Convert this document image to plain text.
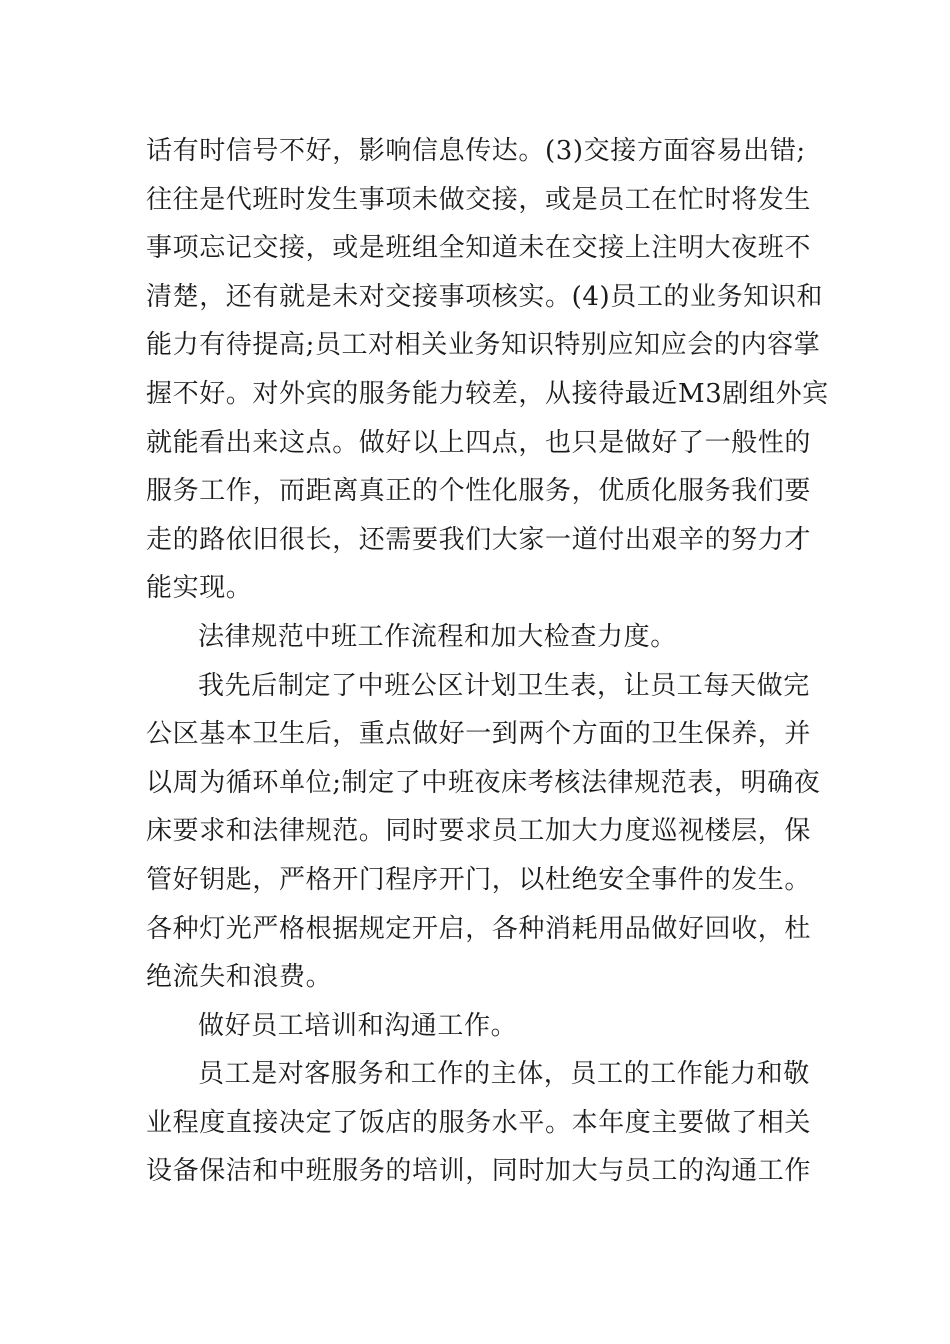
话有时信号不好，影响信息传达。(3)交接方面容易出错;
往往是代班时发生事项未做交接，或是员工在忙时将发生
事项忘记交接，或是班组全知道未在交接上注明大夜班不
清楚，还有就是未对交接事项核实。(4)员工的业务知识和
能力有待提高;员工对相关业务知识特别应知应会的内容掌
握不好。对外宾的服务能力较差，从接待最近M3剧组外宾
就能看出来这点。做好以上四点，也只是做好了一般性的
服务工作，而距离真正的个性化服务，优质化服务我们要
走的路依旧很长，还需要我们大家一道付出艰辛的努力才
能实现。
法律规范中班工作流程和加大检查力度。
我先后制定了中班公区计划卫生表，让员工每天做完
公区基本卫生后，重点做好一到两个方面的卫生保养，并
以周为循环单位;制定了中班夜床考核法律规范表，明确夜
床要求和法律规范。同时要求员工加大力度巡视楼层，保
管好钥匙，严格开门程序开门，以杜绝安全事件的发生。
各种灯光严格根据规定开启，各种消耗用品做好回收，杜
绝流失和浪费。
做好员工培训和沟通工作。
员工是对客服务和工作的主体，员工的工作能力和敬
业程度直接决定了饭店的服务水平。本年度主要做了相关
设备保洁和中班服务的培训，同时加大与员工的沟通工作
